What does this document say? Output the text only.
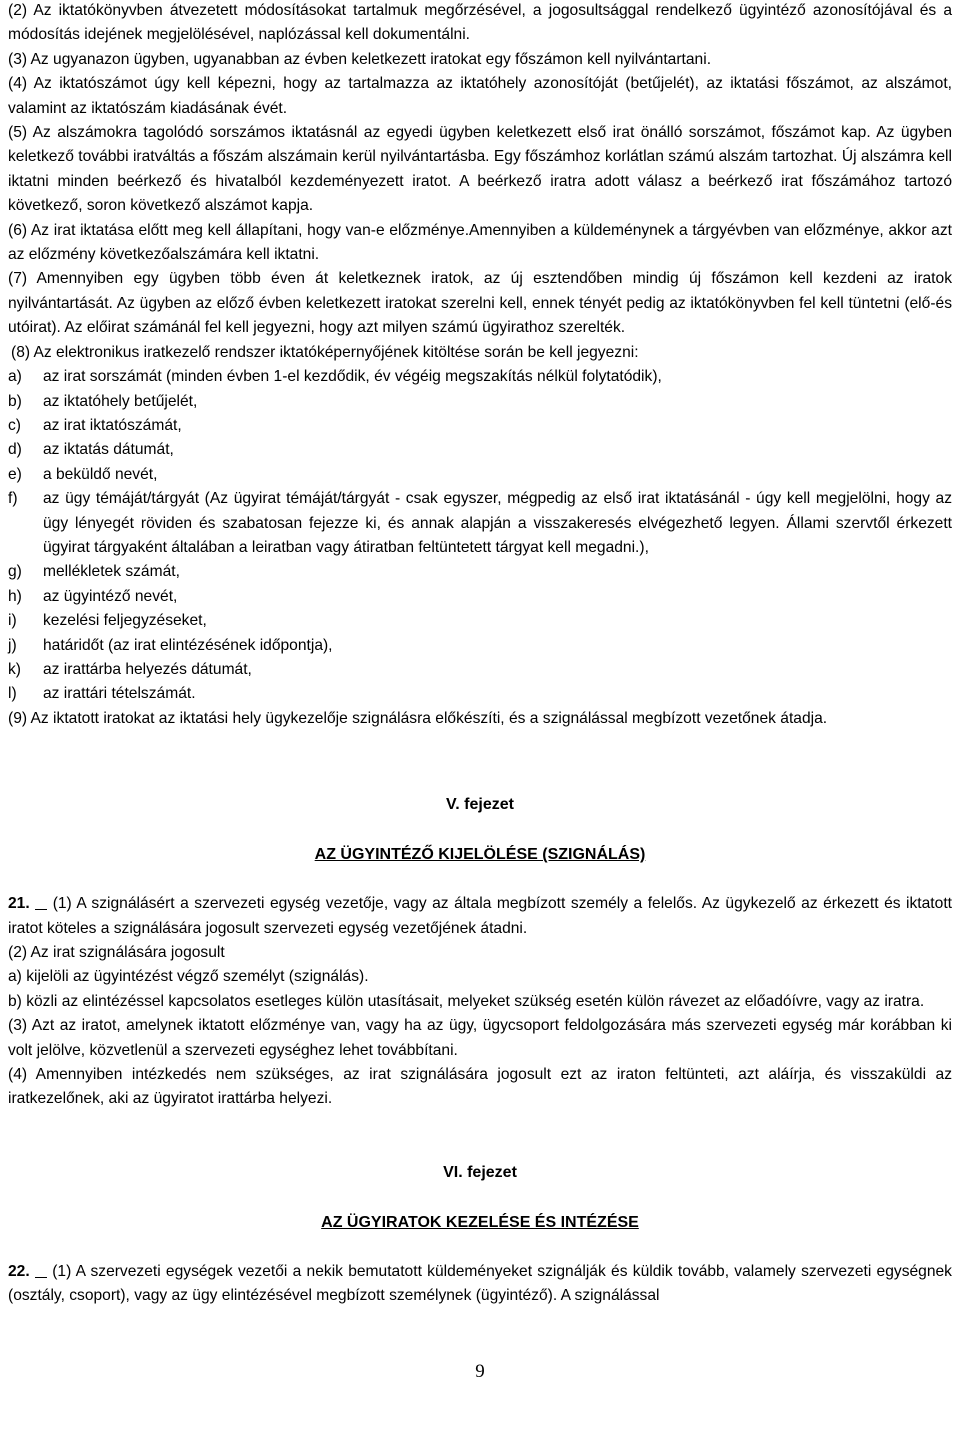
(2) Az iktatókönyvben átvezetett módosításokat tartalmuk megőrzésével, a jogosultsággal rendelkező ügyintéző azonosítójával és a módosítás idejének megjelölésével, naplózással kell dokumentálni.

(3) Az ugyanazon ügyben, ugyanabban az évben keletkezett iratokat egy főszámon kell nyilvántartani.

(4) Az iktatószámot úgy kell képezni, hogy az tartalmazza az iktatóhely azonosítóját (betűjelét), az iktatási főszámot, az alszámot, valamint az iktatószám kiadásának évét.

(5) Az alszámokra tagolódó sorszámos iktatásnál az egyedi ügyben keletkezett első irat önálló sorszámot, főszámot kap. Az ügyben keletkező további iratváltás a főszám alszámain kerül nyilvántartásba. Egy főszámhoz korlátlan számú alszám tartozhat. Új alszámra kell iktatni minden beérkező és hivatalból kezdeményezett iratot. A beérkező iratra adott válasz a beérkező irat főszámához tartozó következő, soron következő alszámot kapja.

(6) Az irat iktatása előtt meg kell állapítani, hogy van-e előzménye.Amennyiben a küldeménynek a tárgyévben van előzménye, akkor azt az előzmény következőalszámára kell iktatni.

(7) Amennyiben egy ügyben több éven át keletkeznek iratok, az új esztendőben mindig új főszámon kell kezdeni az iratok nyilvántartását. Az ügyben az előző évben keletkezett iratokat szerelni kell, ennek tényét pedig az iktatókönyvben fel kell tüntetni (elő-és utóirat). Az előirat számánál fel kell jegyezni, hogy azt milyen számú ügyirathoz szerelték.

(8) Az elektronikus iratkezelő rendszer iktatóképernyőjének kitöltése során be kell jegyezni:

a)	az irat sorszámát (minden évben 1-el kezdődik, év végéig megszakítás nélkül folytatódik),
b)	az iktatóhely betűjelét,
c)	az irat iktatószámát,
d)	az iktatás dátumát,
e)	a beküldő nevét,
f)	az ügy témáját/tárgyát (Az ügyirat témáját/tárgyát - csak egyszer, mégpedig az első irat iktatásánál - úgy kell megjelölni, hogy az ügy lényegét röviden és szabatosan fejezze ki, és annak alapján a visszakeresés elvégezhető legyen. Állami szervtől érkezett ügyirat tárgyaként általában a leiratban vagy átiratban feltüntetett tárgyat kell megadni.),
g)	mellékletek számát,
h)	az ügyintéző nevét,
i)	kezelési feljegyzéseket,
j)	határidőt (az irat elintézésének időpontja),
k)	az irattárba helyezés dátumát,
l)	az irattári tételszámát.

(9) Az iktatott iratokat az iktatási hely ügykezelője szignálásra előkészíti, és a szignálással megbízott vezetőnek átadja.

V. fejezet
AZ ÜGYINTÉZŐ KIJELÖLÉSE (SZIGNÁLÁS)

21. (1) A szignálásért a szervezeti egység vezetője, vagy az általa megbízott személy a felelős. Az ügykezelő az érkezett és iktatott iratot köteles a szignálására jogosult szervezeti egység vezetőjének átadni.

(2) Az irat szignálására jogosult

a) kijelöli az ügyintézést végző személyt (szignálás).

b) közli az elintézéssel kapcsolatos esetleges külön utasításait, melyeket szükség esetén külön rávezet az előadóívre, vagy az iratra.

(3) Azt az iratot, amelynek iktatott előzménye van, vagy ha az ügy, ügycsoport feldolgozására más szervezeti egység már korábban ki volt jelölve, közvetlenül a szervezeti egységhez lehet továbbítani.

(4) Amennyiben intézkedés nem szükséges, az irat szignálására jogosult ezt az iraton feltünteti, azt aláírja, és visszaküldi az iratkezelőnek, aki az ügyiratot irattárba helyezi.

VI. fejezet
AZ ÜGYIRATOK KEZELÉSE ÉS INTÉZÉSE

22. (1) A szervezeti egységek vezetői a nekik bemutatott küldeményeket szignálják és küldik tovább, valamely szervezeti egységnek (osztály, csoport), vagy az ügy elintézésével megbízott személynek (ügyintéző). A szignálással

9
